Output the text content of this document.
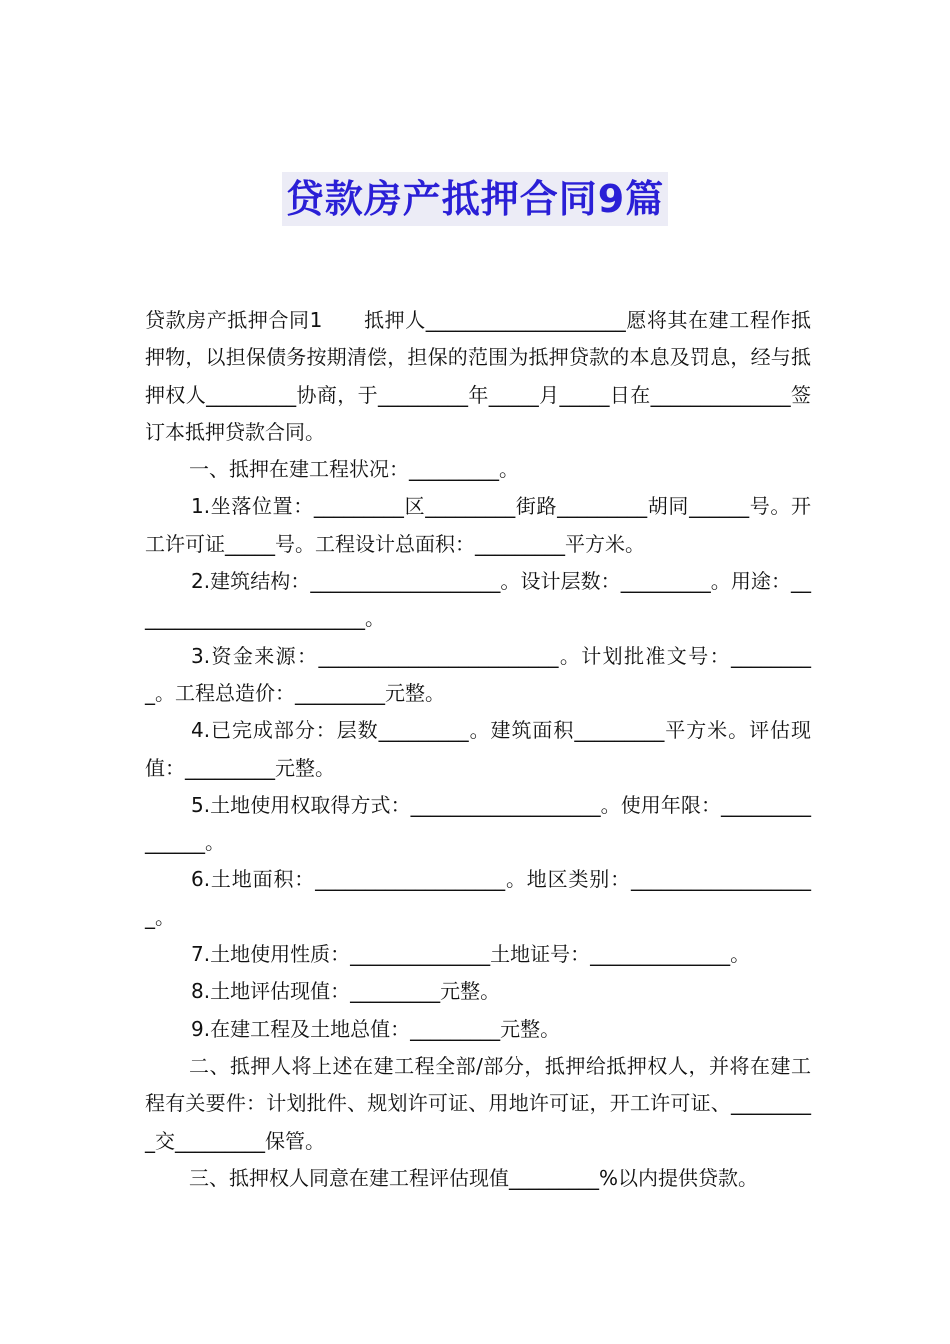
贷款房产抵押合同9篇

贷款房产抵押合同1　　抵押人____________________愿将其在建工程作抵押物，以担保债务按期清偿，担保的范围为抵押贷款的本息及罚息，经与抵押权人_________协商，于_________年_____月_____日在______________签订本抵押贷款合同。

一、抵押在建工程状况：_________。

1.坐落位置：_________区_________街路_________胡同______号。开工许可证_____号。工程设计总面积：_________平方米。

2.建筑结构：___________________。设计层数：_________。用途：________________________。

3.资金来源：________________________。计划批准文号：_________。工程总造价：_________元整。

4.已完成部分：层数_________。建筑面积_________平方米。评估现值：_________元整。

5.土地使用权取得方式：___________________。使用年限：_______________。

6.土地面积：___________________。地区类别：___________________。

7.土地使用性质：______________土地证号：______________。

8.土地评估现值：_________元整。

9.在建工程及土地总值：_________元整。

二、抵押人将上述在建工程全部/部分，抵押给抵押权人，并将在建工程有关要件：计划批件、规划许可证、用地许可证，开工许可证、_________交_________保管。

三、抵押权人同意在建工程评估现值_________%以内提供贷款。
